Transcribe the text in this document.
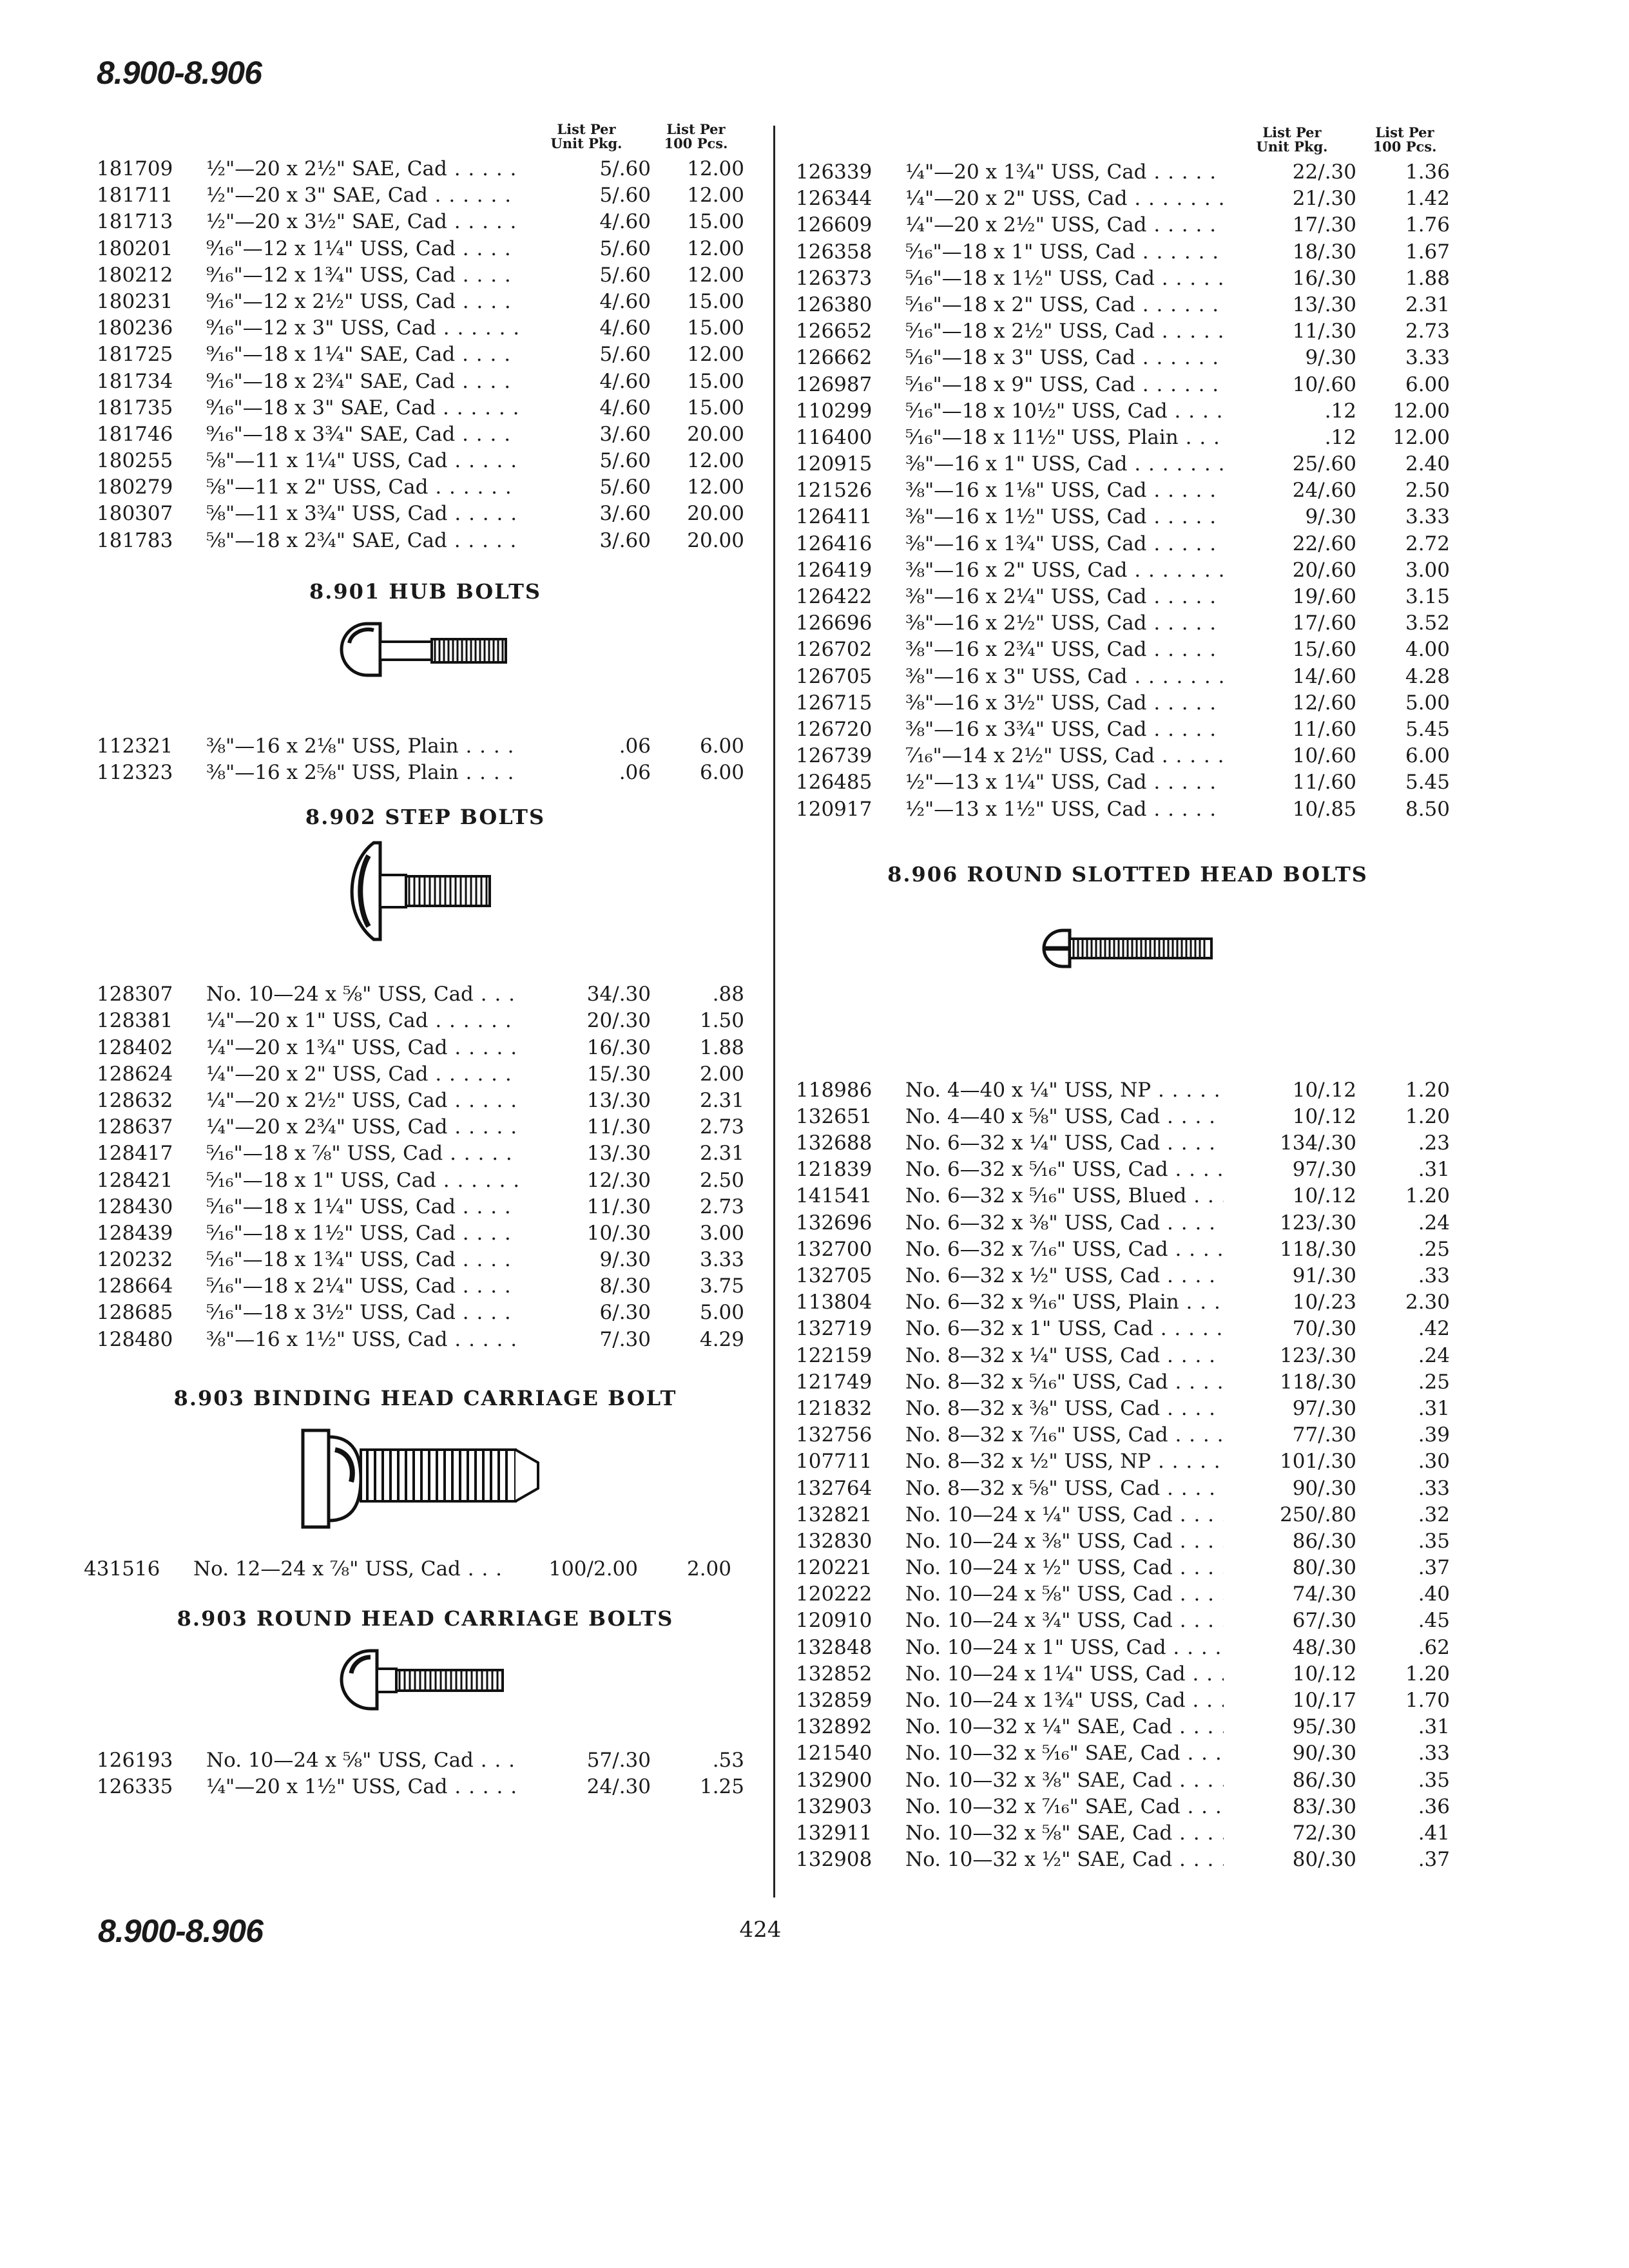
8.900-8.906
List Per Unit Pkg.
List Per 100 Pcs.
181709	½"—20 x 2½" SAE, Cad . . .	5/.60	12.00
181711	½"—20 x 3" SAE, Cad . . .	5/.60	12.00
181713	½"—20 x 3½" SAE, Cad . . .	4/.60	15.00
180201	⁹⁄₁₆"—12 x 1¼" USS, Cad . . .	5/.60	12.00
180212	⁹⁄₁₆"—12 x 1¾" USS, Cad . . .	5/.60	12.00
180231	⁹⁄₁₆"—12 x 2½" USS, Cad . . .	4/.60	15.00
180236	⁹⁄₁₆"—12 x 3" USS, Cad . . .	4/.60	15.00
181725	⁹⁄₁₆"—18 x 1¼" SAE, Cad . . .	5/.60	12.00
181734	⁹⁄₁₆"—18 x 2¾" SAE, Cad . . .	4/.60	15.00
181735	⁹⁄₁₆"—18 x 3" SAE, Cad . . .	4/.60	15.00
181746	⁹⁄₁₆"—18 x 3¾" SAE, Cad . . .	3/.60	20.00
180255	⅝"—11 x 1¼" USS, Cad . . .	5/.60	12.00
180279	⅝"—11 x 2" USS, Cad . . .	5/.60	12.00
180307	⅝"—11 x 3¾" USS, Cad . . .	3/.60	20.00
181783	⅝"—18 x 2¾" SAE, Cad . . .	3/.60	20.00
8.901 HUB BOLTS
112321	⅜"—16 x 2⅛" USS, Plain . . .	.06	6.00
112323	⅜"—16 x 2⅝" USS, Plain . . .	.06	6.00
8.902 STEP BOLTS
128307	No. 10—24 x ⅝" USS, Cad . . .	34/.30	.88
128381	¼"—20 x 1" USS, Cad . . .	20/.30	1.50
128402	¼"—20 x 1¾" USS, Cad . . .	16/.30	1.88
128624	¼"—20 x 2" USS, Cad . . .	15/.30	2.00
128632	¼"—20 x 2½" USS, Cad . . .	13/.30	2.31
128637	¼"—20 x 2¾" USS, Cad . . .	11/.30	2.73
128417	⁵⁄₁₆"—18 x ⅞" USS, Cad . . .	13/.30	2.31
128421	⁵⁄₁₆"—18 x 1" USS, Cad . . .	12/.30	2.50
128430	⁵⁄₁₆"—18 x 1¼" USS, Cad . . .	11/.30	2.73
128439	⁵⁄₁₆"—18 x 1½" USS, Cad . . .	10/.30	3.00
120232	⁵⁄₁₆"—18 x 1¾" USS, Cad . . .	9/.30	3.33
128664	⁵⁄₁₆"—18 x 2¼" USS, Cad . . .	8/.30	3.75
128685	⁵⁄₁₆"—18 x 3½" USS, Cad . . .	6/.30	5.00
128480	⅜"—16 x 1½" USS, Cad . . .	7/.30	4.29
8.903 BINDING HEAD CARRIAGE BOLT
431516	No. 12—24 x ⅞" USS, Cad . . .	100/2.00	2.00
8.903 ROUND HEAD CARRIAGE BOLTS
126193	No. 10—24 x ⅝" USS, Cad . . .	57/.30	.53
126335	¼"—20 x 1½" USS, Cad . . .	24/.30	1.25
List Per Unit Pkg.
List Per 100 Pcs.
126339	¼"—20 x 1¾" USS, Cad . . .	22/.30	1.36
126344	¼"—20 x 2" USS, Cad . . .	21/.30	1.42
126609	¼"—20 x 2½" USS, Cad . . .	17/.30	1.76
126358	⁵⁄₁₆"—18 x 1" USS, Cad . . .	18/.30	1.67
126373	⁵⁄₁₆"—18 x 1½" USS, Cad . . .	16/.30	1.88
126380	⁵⁄₁₆"—18 x 2" USS, Cad . . .	13/.30	2.31
126652	⁵⁄₁₆"—18 x 2½" USS, Cad . . .	11/.30	2.73
126662	⁵⁄₁₆"—18 x 3" USS, Cad . . .	9/.30	3.33
126987	⁵⁄₁₆"—18 x 9" USS, Cad . . .	10/.60	6.00
110299	⁵⁄₁₆"—18 x 10½" USS, Cad . . .	.12	12.00
116400	⁵⁄₁₆"—18 x 11½" USS, Plain . . .	.12	12.00
120915	⅜"—16 x 1" USS, Cad . . .	25/.60	2.40
121526	⅜"—16 x 1⅛" USS, Cad . . .	24/.60	2.50
126411	⅜"—16 x 1½" USS, Cad . . .	9/.30	3.33
126416	⅜"—16 x 1¾" USS, Cad . . .	22/.60	2.72
126419	⅜"—16 x 2" USS, Cad . . .	20/.60	3.00
126422	⅜"—16 x 2¼" USS, Cad . . .	19/.60	3.15
126696	⅜"—16 x 2½" USS, Cad . . .	17/.60	3.52
126702	⅜"—16 x 2¾" USS, Cad . . .	15/.60	4.00
126705	⅜"—16 x 3" USS, Cad . . .	14/.60	4.28
126715	⅜"—16 x 3½" USS, Cad . . .	12/.60	5.00
126720	⅜"—16 x 3¾" USS, Cad . . .	11/.60	5.45
126739	⁷⁄₁₆"—14 x 2½" USS, Cad . . .	10/.60	6.00
126485	½"—13 x 1¼" USS, Cad . . .	11/.60	5.45
120917	½"—13 x 1½" USS, Cad . . .	10/.85	8.50
8.906 ROUND SLOTTED HEAD BOLTS
118986	No. 4—40 x ¼" USS, NP . . .	10/.12	1.20
132651	No. 4—40 x ⅝" USS, Cad . . .	10/.12	1.20
132688	No. 6—32 x ¼" USS, Cad . . .	134/.30	.23
121839	No. 6—32 x ⁵⁄₁₆" USS, Cad . . .	97/.30	.31
141541	No. 6—32 x ⁵⁄₁₆" USS, Blued . . .	10/.12	1.20
132696	No. 6—32 x ⅜" USS, Cad . . .	123/.30	.24
132700	No. 6—32 x ⁷⁄₁₆" USS, Cad . . .	118/.30	.25
132705	No. 6—32 x ½" USS, Cad . . .	91/.30	.33
113804	No. 6—32 x ⁹⁄₁₆" USS, Plain . . .	10/.23	2.30
132719	No. 6—32 x 1" USS, Cad . . .	70/.30	.42
122159	No. 8—32 x ¼" USS, Cad . . .	123/.30	.24
121749	No. 8—32 x ⁵⁄₁₆" USS, Cad . . .	118/.30	.25
121832	No. 8—32 x ⅜" USS, Cad . . .	97/.30	.31
132756	No. 8—32 x ⁷⁄₁₆" USS, Cad . . .	77/.30	.39
107711	No. 8—32 x ½" USS, NP . . .	101/.30	.30
132764	No. 8—32 x ⅝" USS, Cad . . .	90/.30	.33
132821	No. 10—24 x ¼" USS, Cad . . .	250/.80	.32
132830	No. 10—24 x ⅜" USS, Cad . . .	86/.30	.35
120221	No. 10—24 x ½" USS, Cad . . .	80/.30	.37
120222	No. 10—24 x ⅝" USS, Cad . . .	74/.30	.40
120910	No. 10—24 x ¾" USS, Cad . . .	67/.30	.45
132848	No. 10—24 x 1" USS, Cad . . .	48/.30	.62
132852	No. 10—24 x 1¼" USS, Cad . . .	10/.12	1.20
132859	No. 10—24 x 1¾" USS, Cad . . .	10/.17	1.70
132892	No. 10—32 x ¼" SAE, Cad . . .	95/.30	.31
121540	No. 10—32 x ⁵⁄₁₆" SAE, Cad . . .	90/.30	.33
132900	No. 10—32 x ⅜" SAE, Cad . . .	86/.30	.35
132903	No. 10—32 x ⁷⁄₁₆" SAE, Cad . . .	83/.30	.36
132911	No. 10—32 x ⅝" SAE, Cad . . .	72/.30	.41
132908	No. 10—32 x ½" SAE, Cad . . .	80/.30	.37
8.900-8.906	424
